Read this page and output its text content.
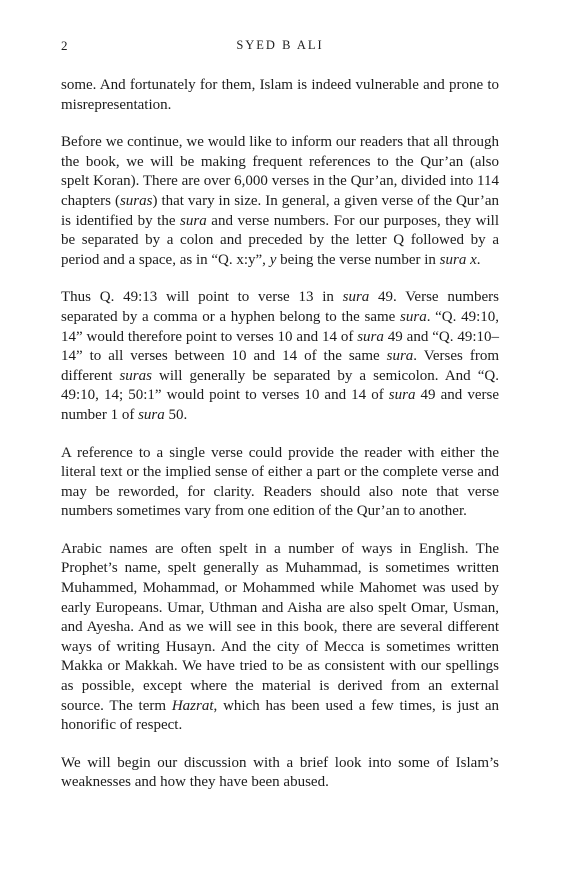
2	SYED B ALI

some. And fortunately for them, Islam is indeed vulnerable and prone to misrepresentation.

Before we continue, we would like to inform our readers that all through the book, we will be making frequent references to the Qur’an (also spelt Koran). There are over 6,000 verses in the Qur’an, divided into 114 chapters (suras) that vary in size. In general, a given verse of the Qur’an is identified by the sura and verse numbers. For our purposes, they will be separated by a colon and preceded by the letter Q followed by a period and a space, as in “Q. x:y”, y being the verse number in sura x.

Thus Q. 49:13 will point to verse 13 in sura 49. Verse numbers separated by a comma or a hyphen belong to the same sura. “Q. 49:10, 14” would therefore point to verses 10 and 14 of sura 49 and “Q. 49:10–14” to all verses between 10 and 14 of the same sura. Verses from different suras will generally be separated by a semicolon. And “Q. 49:10, 14; 50:1” would point to verses 10 and 14 of sura 49 and verse number 1 of sura 50.

A reference to a single verse could provide the reader with either the literal text or the implied sense of either a part or the complete verse and may be reworded, for clarity. Readers should also note that verse numbers sometimes vary from one edition of the Qur’an to another.

Arabic names are often spelt in a number of ways in English. The Prophet’s name, spelt generally as Muhammad, is sometimes written Muhammed, Mohammad, or Mohammed while Mahomet was used by early Europeans. Umar, Uthman and Aisha are also spelt Omar, Usman, and Ayesha. And as we will see in this book, there are several different ways of writing Husayn. And the city of Mecca is sometimes written Makka or Makkah. We have tried to be as consistent with our spellings as possible, except where the material is derived from an external source. The term Hazrat, which has been used a few times, is just an honorific of respect.

We will begin our discussion with a brief look into some of Islam’s weaknesses and how they have been abused.
